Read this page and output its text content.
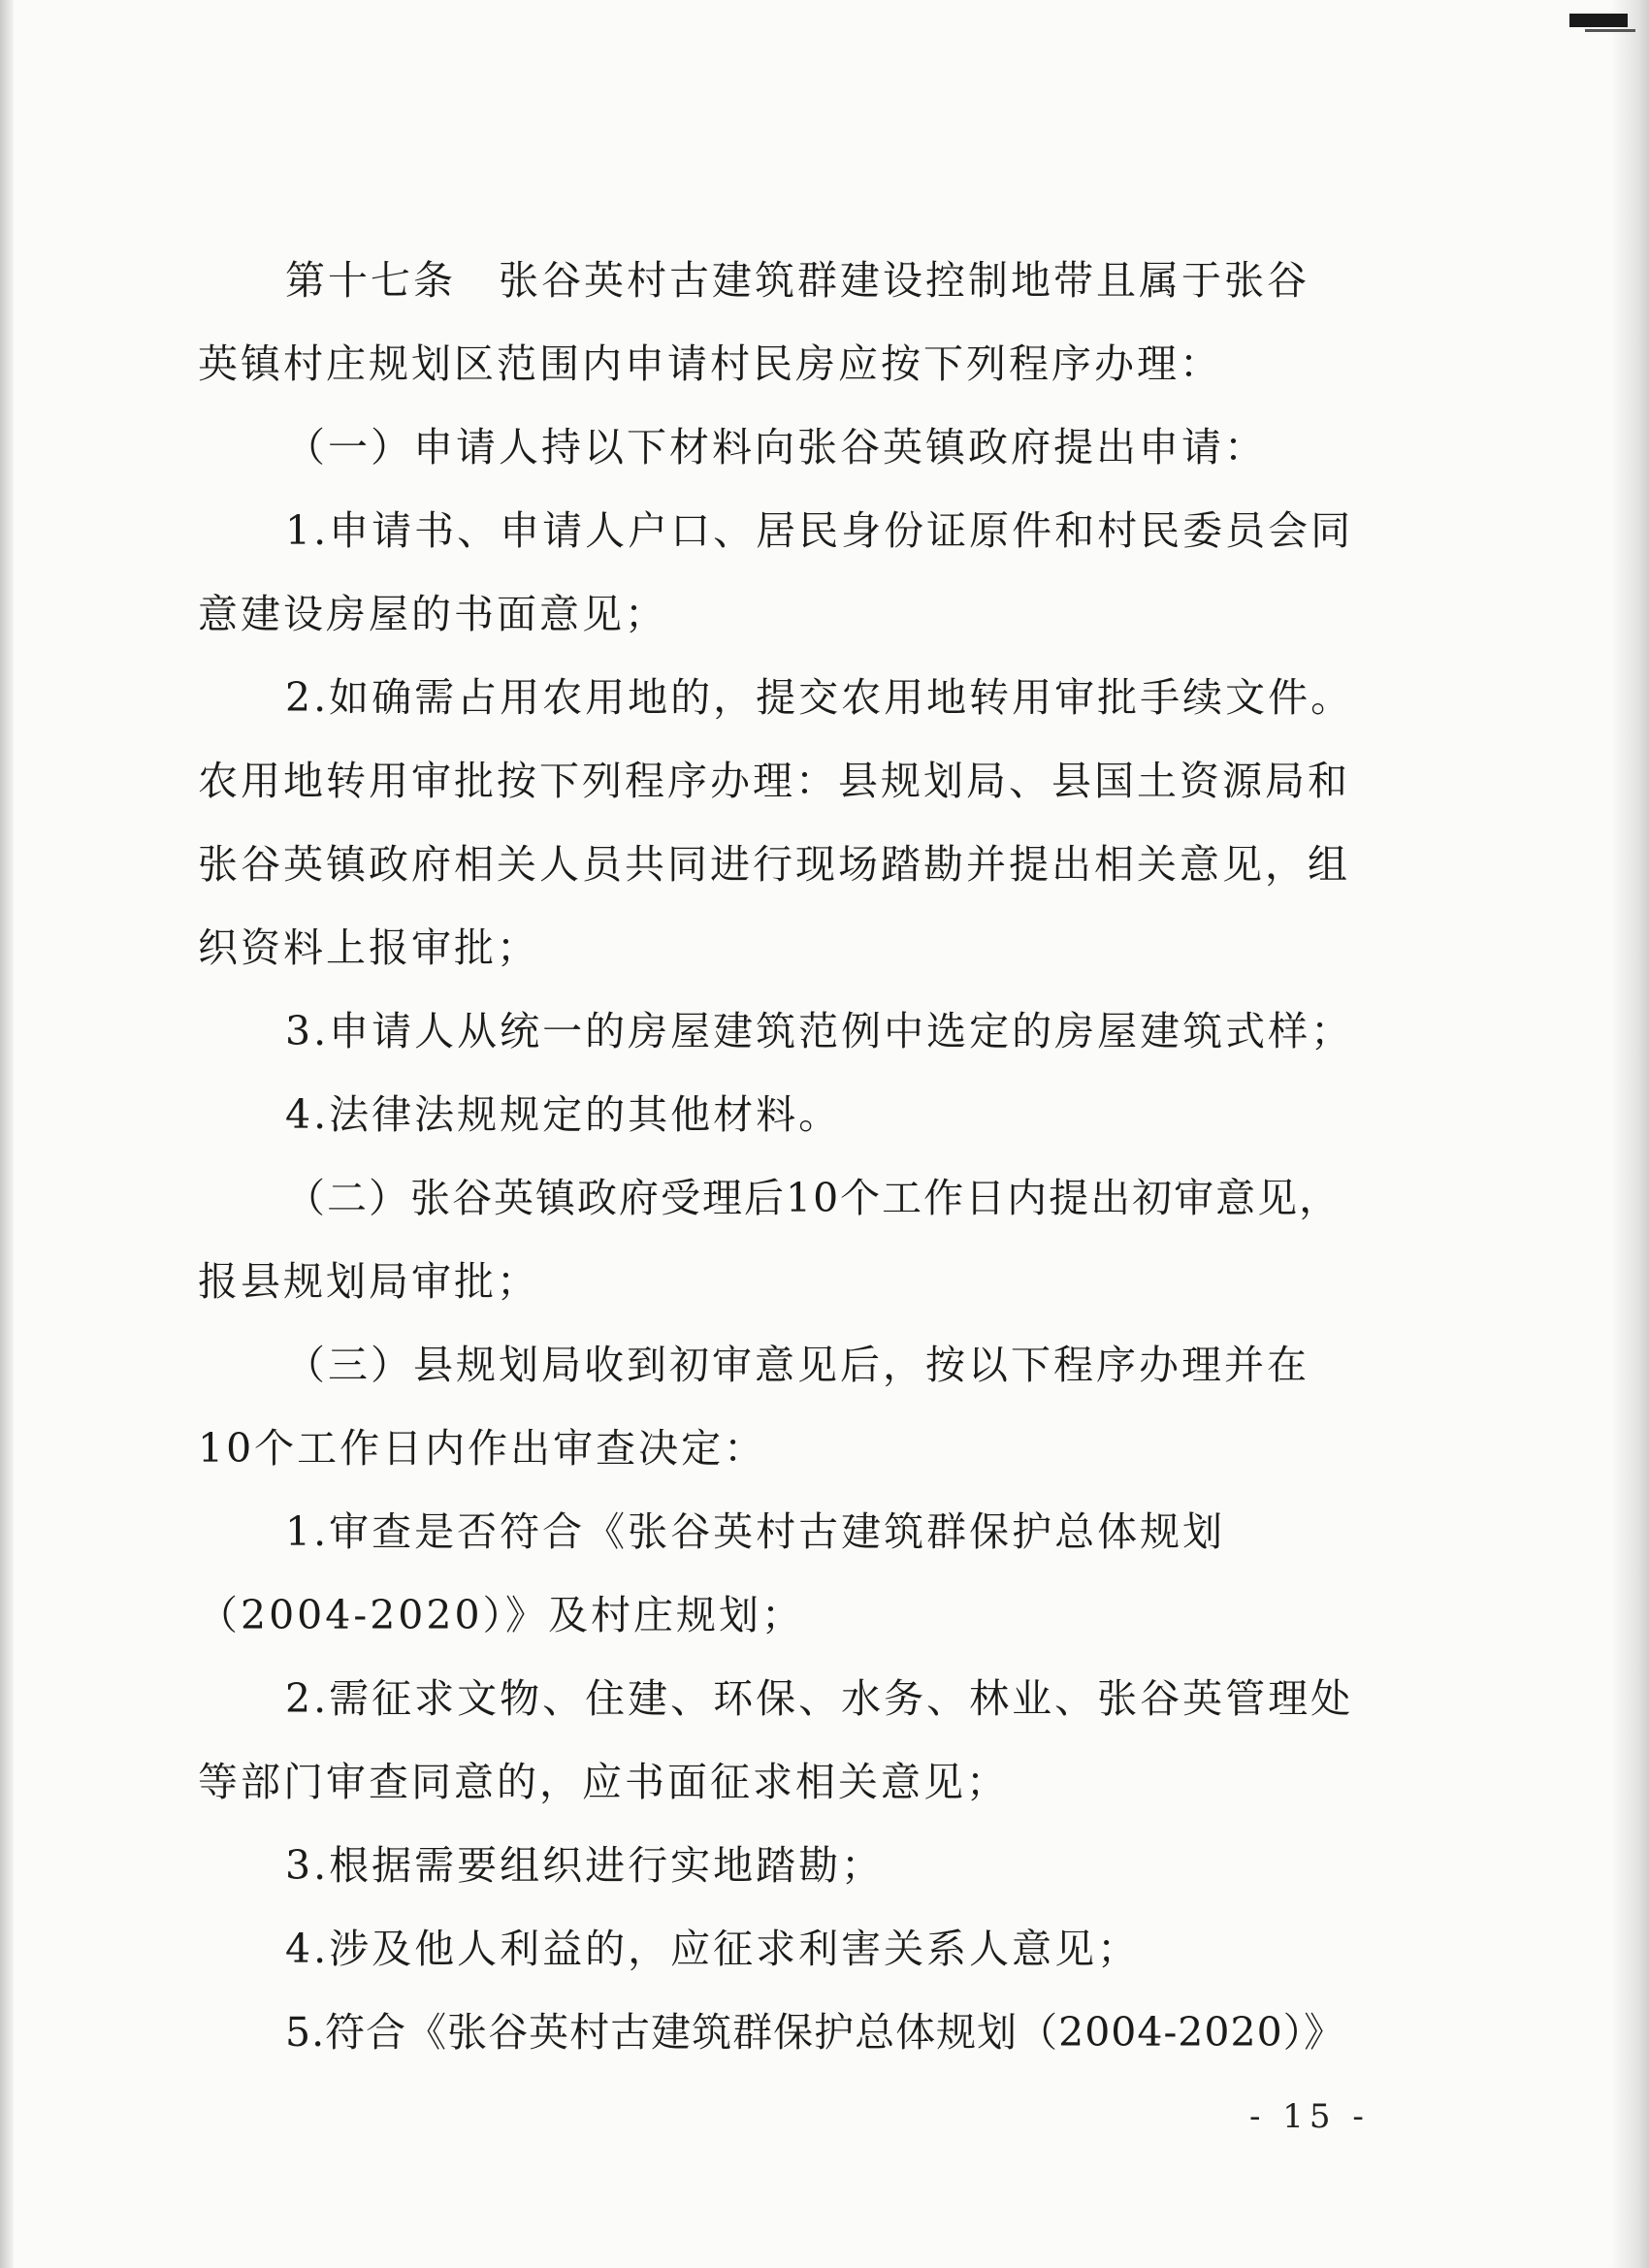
第十七条　张谷英村古建筑群建设控制地带且属于张谷
英镇村庄规划区范围内申请村民房应按下列程序办理：
（一）申请人持以下材料向张谷英镇政府提出申请：
1.申请书、申请人户口、居民身份证原件和村民委员会同
意建设房屋的书面意见；
2.如确需占用农用地的，提交农用地转用审批手续文件。
农用地转用审批按下列程序办理：县规划局、县国土资源局和
张谷英镇政府相关人员共同进行现场踏勘并提出相关意见，组
织资料上报审批；
3.申请人从统一的房屋建筑范例中选定的房屋建筑式样；
4.法律法规规定的其他材料。
（二）张谷英镇政府受理后10个工作日内提出初审意见，
报县规划局审批；
（三）县规划局收到初审意见后，按以下程序办理并在
10个工作日内作出审查决定：
1.审查是否符合《张谷英村古建筑群保护总体规划
（2004-2020）》及村庄规划；
2.需征求文物、住建、环保、水务、林业、张谷英管理处
等部门审查同意的，应书面征求相关意见；
3.根据需要组织进行实地踏勘；
4.涉及他人利益的，应征求利害关系人意见；
5.符合《张谷英村古建筑群保护总体规划（2004-2020）》
- 15 -
